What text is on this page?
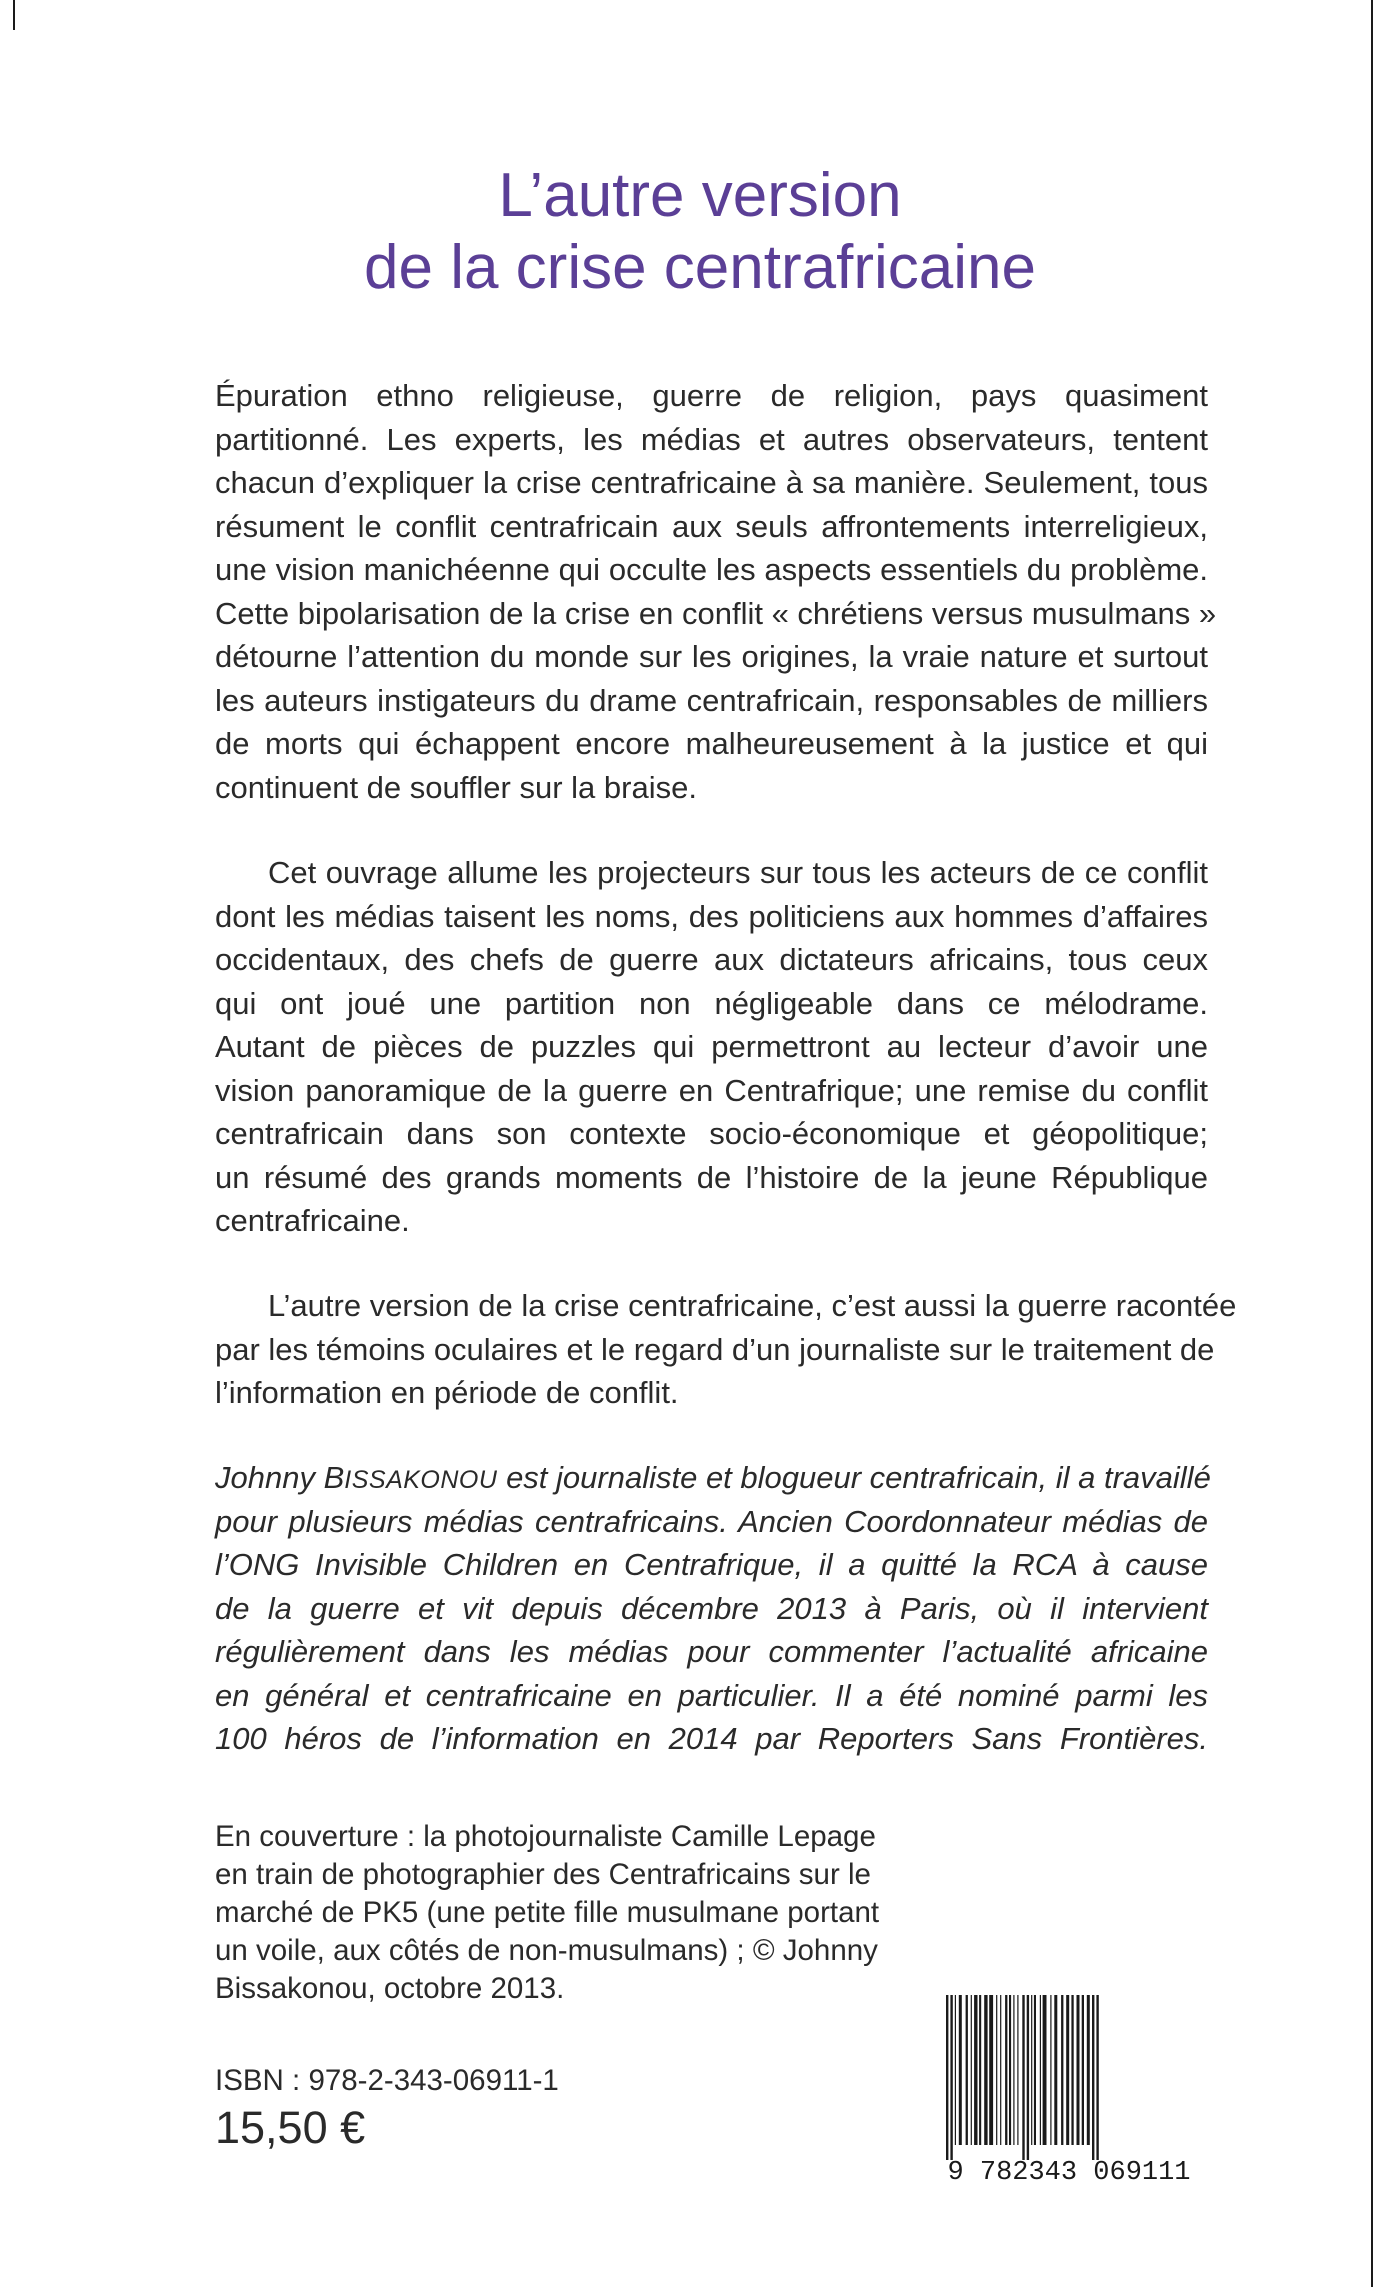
L’autre version
de la crise centrafricaine
Épuration ethno religieuse, guerre de religion, pays quasiment
partitionné. Les experts, les médias et autres observateurs, tentent
chacun d’expliquer la crise centrafricaine à sa manière. Seulement, tous
résument le conflit centrafricain aux seuls affrontements interreligieux,
une vision manichéenne qui occulte les aspects essentiels du problème.
Cette bipolarisation de la crise en conflit « chrétiens versus musulmans »
détourne l’attention du monde sur les origines, la vraie nature et surtout
les auteurs instigateurs du drame centrafricain, responsables de milliers
de morts qui échappent encore malheureusement à la justice et qui
continuent de souffler sur la braise.
Cet ouvrage allume les projecteurs sur tous les acteurs de ce conflit
dont les médias taisent les noms, des politiciens aux hommes d’affaires
occidentaux, des chefs de guerre aux dictateurs africains, tous ceux
qui ont joué une partition non négligeable dans ce mélodrame.
Autant de pièces de puzzles qui permettront au lecteur d’avoir une
vision panoramique de la guerre en Centrafrique; une remise du conflit
centrafricain dans son contexte socio-économique et géopolitique;
un résumé des grands moments de l’histoire de la jeune République
centrafricaine.
L’autre version de la crise centrafricaine, c’est aussi la guerre racontée
par les témoins oculaires et le regard d’un journaliste sur le traitement de
l’information en période de conflit.
Johnny BISSAKONOU est journaliste et blogueur centrafricain, il a travaillé
pour plusieurs médias centrafricains. Ancien Coordonnateur médias de
l’ONG Invisible Children en Centrafrique, il a quitté la RCA à cause
de la guerre et vit depuis décembre 2013 à Paris, où il intervient
régulièrement dans les médias pour commenter l’actualité africaine
en général et centrafricaine en particulier. Il a été nominé parmi les
100 héros de l’information en 2014 par Reporters Sans Frontières.
En couverture : la photojournaliste Camille Lepage
en train de photographier des Centrafricains sur le
marché de PK5 (une petite fille musulmane portant
un voile, aux côtés de non-musulmans) ; © Johnny
Bissakonou, octobre 2013.
ISBN : 978-2-343-06911-1
15,50 €
9 782343 069111
